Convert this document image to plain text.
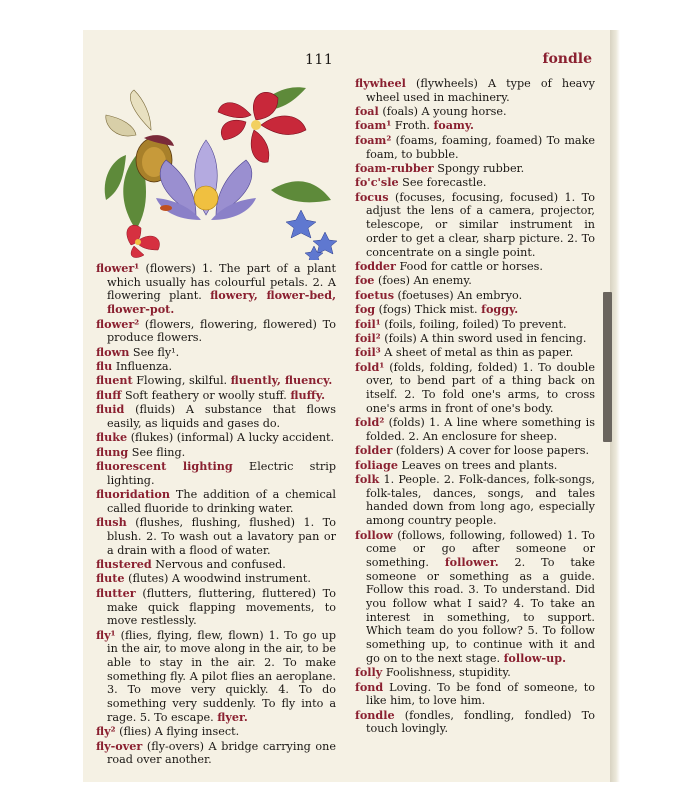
111	fondle

flower¹ (flowers) 1. The part of a plant which usually has colourful petals. 2. A flowering plant. flowery, flower-bed, flower-pot.

flower² (flowers, flowering, flowered) To produce flowers.

flown See fly¹.

flu Influenza.

fluent Flowing, skilful. fluently, fluency.

fluff Soft feathery or woolly stuff. fluffy.

fluid (fluids) A substance that flows easily, as liquids and gases do.

fluke (flukes) (informal) A lucky accident.

flung See fling.

fluorescent lighting Electric strip lighting.

fluoridation The addition of a chemical called fluoride to drinking water.

flush (flushes, flushing, flushed) 1. To blush. 2. To wash out a lavatory pan or a drain with a flood of water.

flustered Nervous and confused.

flute (flutes) A woodwind instrument.

flutter (flutters, fluttering, fluttered) To make quick flapping movements, to move restlessly.

fly¹ (flies, flying, flew, flown) 1. To go up in the air, to move along in the air, to be able to stay in the air. 2. To make something fly. A pilot flies an aeroplane. 3. To move very quickly. 4. To do something very suddenly. To fly into a rage. 5. To escape. flyer.

fly² (flies) A flying insect.

fly-over (fly-overs) A bridge carrying one road over another.

flywheel (flywheels) A type of heavy wheel used in machinery.

foal (foals) A young horse.

foam¹ Froth. foamy.

foam² (foams, foaming, foamed) To make foam, to bubble.

foam-rubber Spongy rubber.

fo'c'sle See forecastle.

focus (focuses, focusing, focused) 1. To adjust the lens of a camera, projector, telescope, or similar instrument in order to get a clear, sharp picture. 2. To concentrate on a single point.

fodder Food for cattle or horses.

foe (foes) An enemy.

foetus (foetuses) An embryo.

fog (fogs) Thick mist. foggy.

foil¹ (foils, foiling, foiled) To prevent.

foil² (foils) A thin sword used in fencing.

foil³ A sheet of metal as thin as paper.

fold¹ (folds, folding, folded) 1. To double over, to bend part of a thing back on itself. 2. To fold one's arms, to cross one's arms in front of one's body.

fold² (folds) 1. A line where something is folded. 2. An enclosure for sheep.

folder (folders) A cover for loose papers.

foliage Leaves on trees and plants.

folk 1. People. 2. Folk-dances, folk-songs, folk-tales, dances, songs, and tales handed down from long ago, especially among country people.

follow (follows, following, followed) 1. To come or go after someone or something. follower. 2. To take someone or something as a guide. Follow this road. 3. To understand. Did you follow what I said? 4. To take an interest in something, to support. Which team do you follow? 5. To follow something up, to continue with it and go on to the next stage. follow-up.

folly Foolishness, stupidity.

fond Loving. To be fond of someone, to like him, to love him.

fondle (fondles, fondling, fondled) To touch lovingly.
